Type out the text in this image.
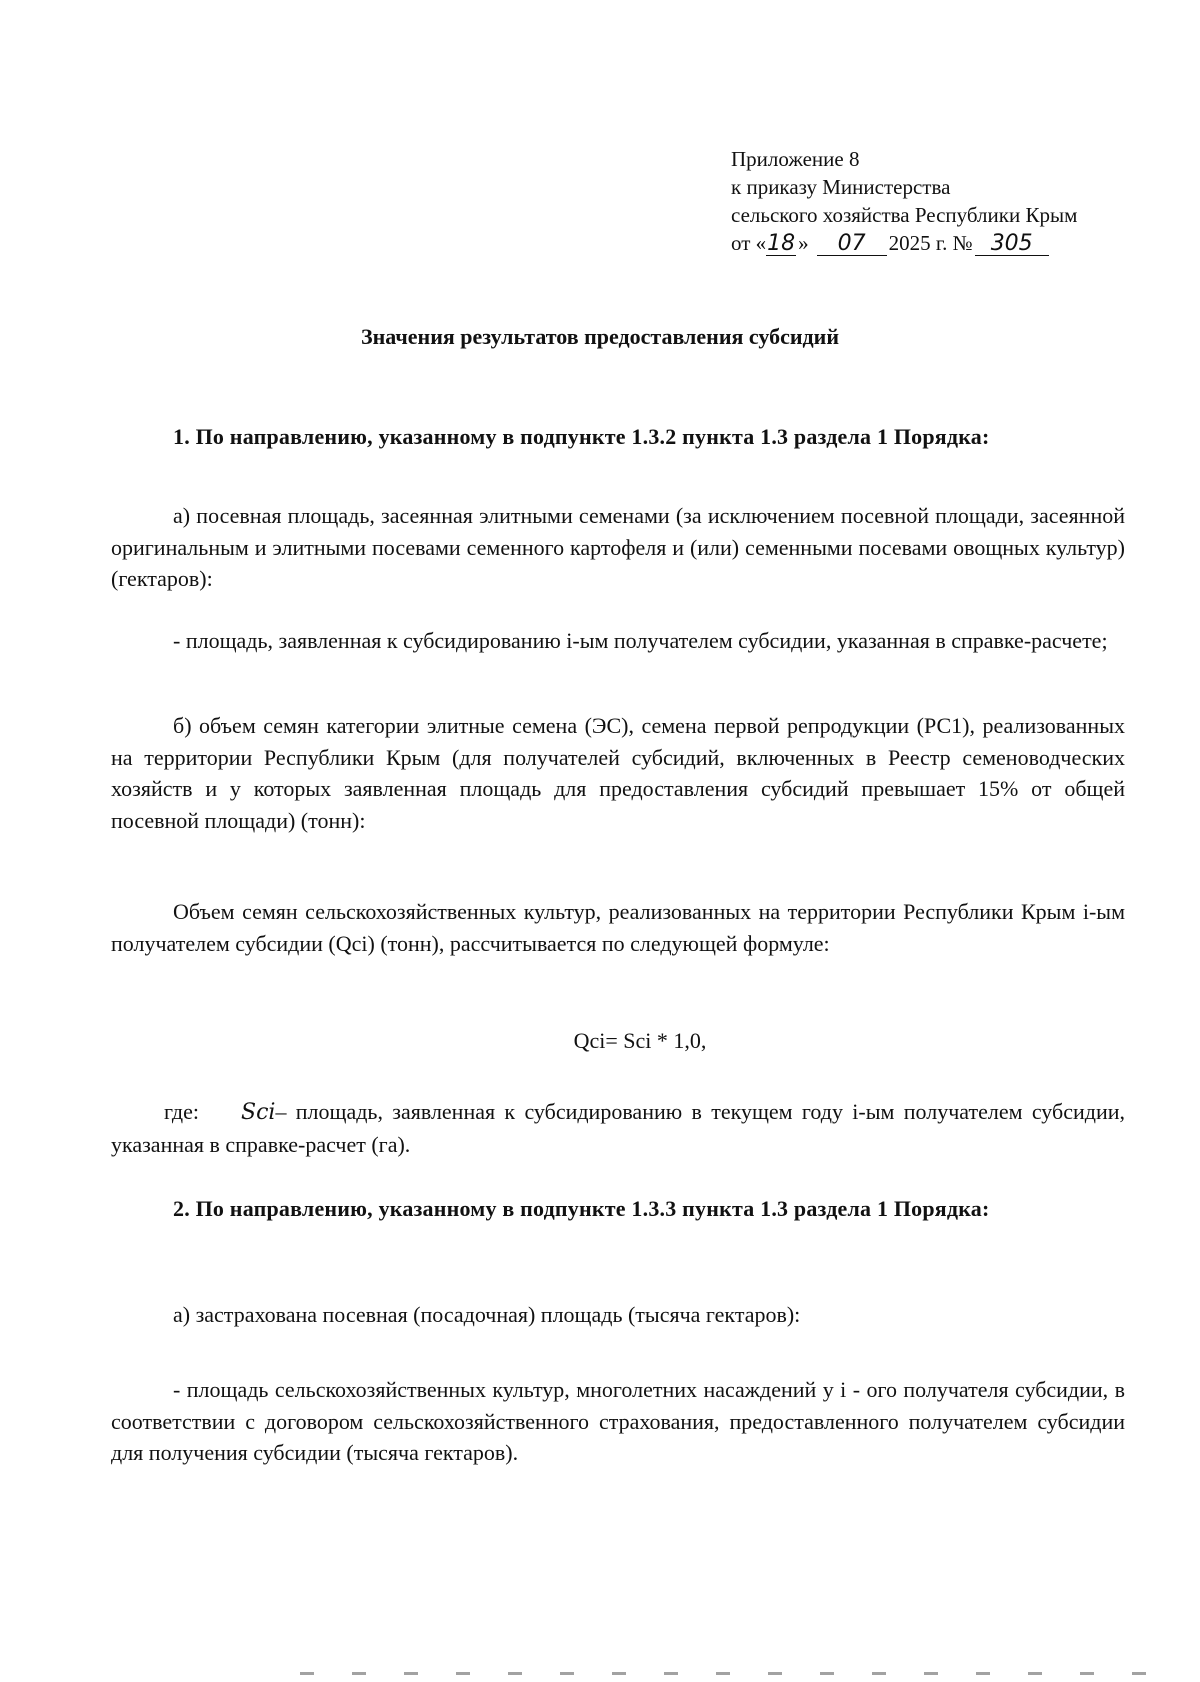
Приложение 8
к приказу Министерства
сельского хозяйства Республики Крым
от «18 » 07 2025 г. № 305
Значения результатов предоставления субсидий

1. По направлению, указанному в подпункте 1.3.2 пункта 1.3 раздела 1 Порядка:

а) посевная площадь, засеянная элитными семенами (за исключением посевной площади, засеянной оригинальным и элитными посевами семенного картофеля и (или) семенными посевами овощных культур) (гектаров):

- площадь, заявленная к субсидированию i-ым получателем субсидии, указанная в справке-расчете;

б) объем семян категории элитные семена (ЭС), семена первой репродукции (РС1), реализованных на территории Республики Крым (для получателей субсидий, включенных в Реестр семеноводческих хозяйств и у которых заявленная площадь для предоставления субсидий превышает 15% от общей посевной площади) (тонн):

Объем семян сельскохозяйственных культур, реализованных на территории Республики Крым i-ым получателем субсидии (Qci) (тонн), рассчитывается по следующей формуле:

Qci= Sci * 1,0,

где: Sci– площадь, заявленная к субсидированию в текущем году i-ым получателем субсидии, указанная в справке-расчет (га).

2. По направлению, указанному в подпункте 1.3.3 пункта 1.3 раздела 1 Порядка:

а) застрахована посевная (посадочная) площадь (тысяча гектаров):

- площадь сельскохозяйственных культур, многолетних насаждений у i - ого получателя субсидии, в соответствии с договором сельскохозяйственного страхования, предоставленного получателем субсидии для получения субсидии (тысяча гектаров).
